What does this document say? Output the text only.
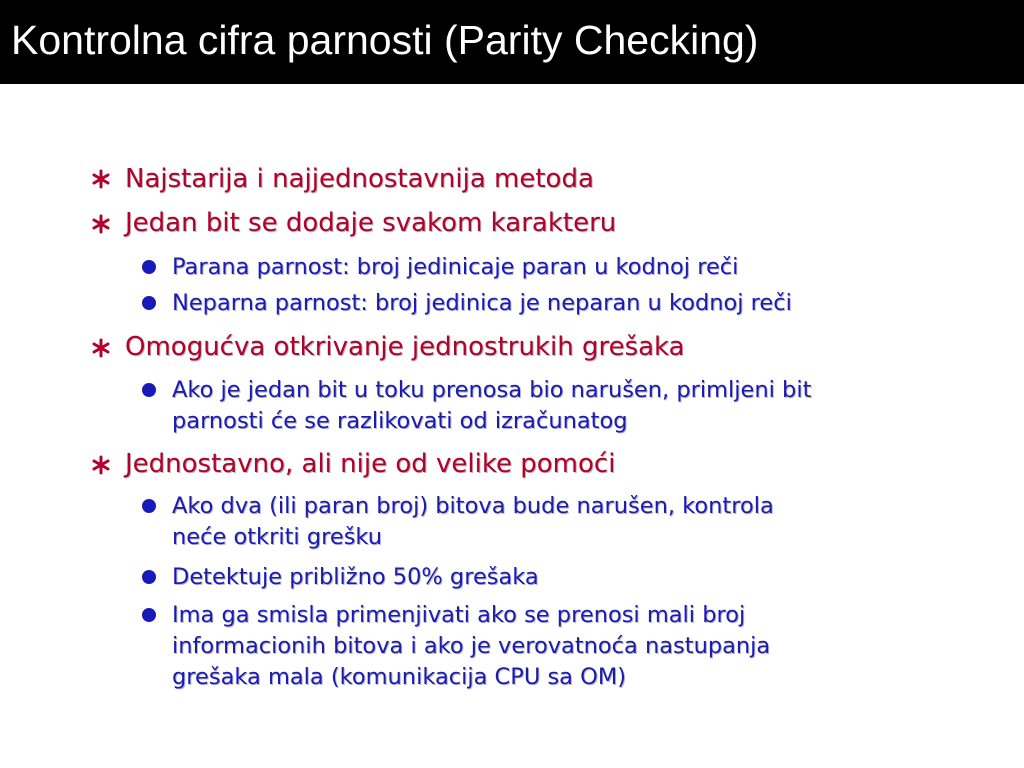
Kontrolna cifra parnosti (Parity Checking)
Najstarija i najjednostavnija metoda
Jedan bit se dodaje svakom karakteru
Parana parnost: broj jedinicaje paran u kodnoj reči
Neparna parnost: broj jedinica je neparan u kodnoj reči
Omogućva otkrivanje jednostrukih grešaka
Ako je jedan bit u toku prenosa bio narušen, primljeni bit
parnosti će se razlikovati od izračunatog
Jednostavno, ali nije od velike pomoći
Ako dva (ili paran broj) bitova bude narušen, kontrola
neće otkriti grešku
Detektuje približno 50% grešaka
Ima ga smisla primenjivati ako se prenosi mali broj
informacionih bitova i ako je verovatnoća nastupanja
grešaka mala (komunikacija CPU sa OM)
